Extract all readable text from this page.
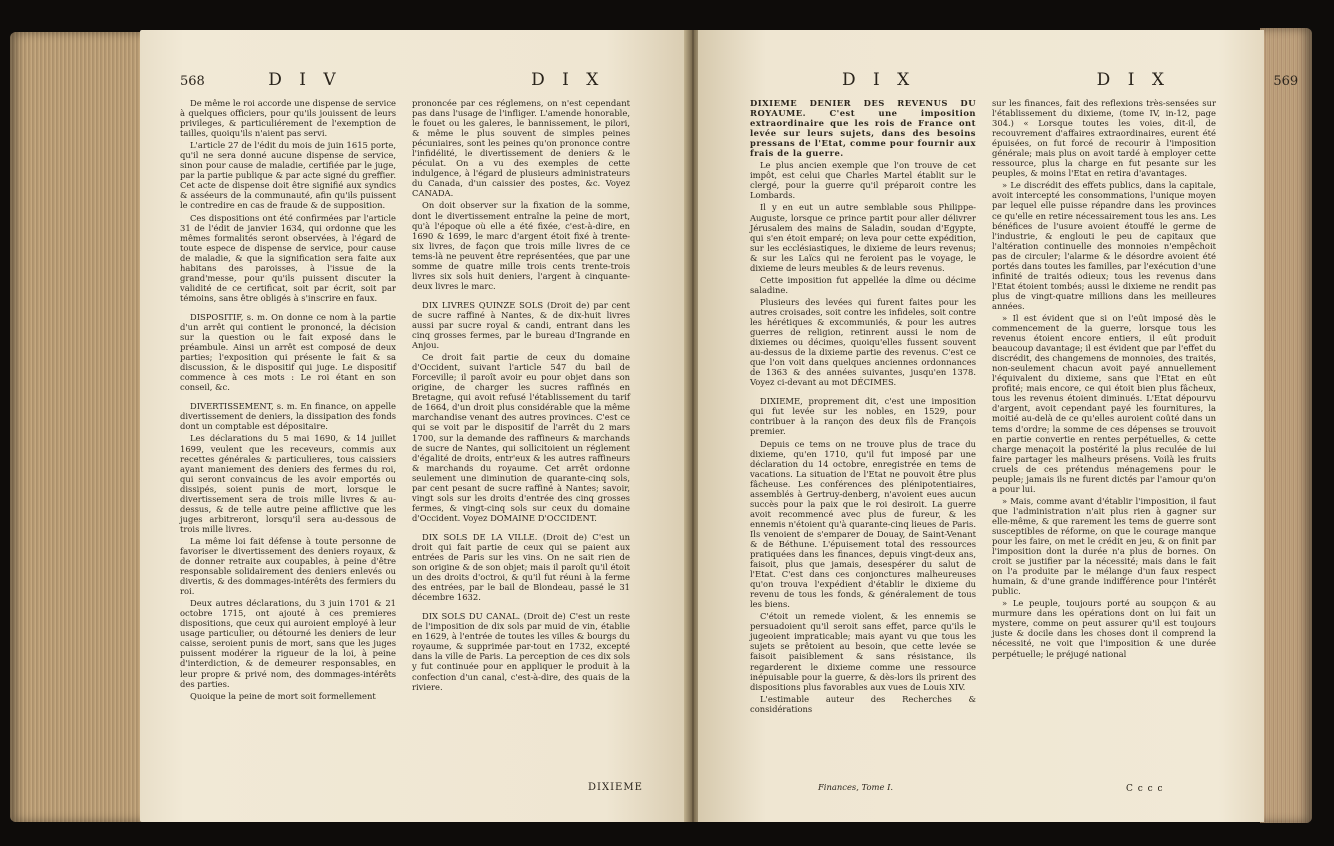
568	D I V	D I X

De même le roi accorde une dispense de service à quelques officiers, pour qu'ils jouissent de leurs privileges, & particuliérement de l'exemption de tailles, quoiqu'ils n'aient pas servi.

L'article 27 de l'édit du mois de juin 1615 porte, qu'il ne sera donné aucune dispense de service, sinon pour cause de maladie, certifiée par le juge, par la partie publique & par acte signé du greffier. Cet acte de dispense doit être signifié aux syndics & asséeurs de la communauté, afin qu'ils puissent le contredire en cas de fraude & de supposition.

Ces dispositions ont été confirmées par l'article 31 de l'édit de janvier 1634, qui ordonne que les mêmes formalités seront observées, à l'égard de toute espece de dispense de service, pour cause de maladie, & que la signification sera faite aux habitans des paroisses, à l'issue de la grand'messe, pour qu'ils puissent discuter la validité de ce certificat, soit par écrit, soit par témoins, sans être obligés à s'inscrire en faux.

DISPOSITIF, s. m. On donne ce nom à la partie d'un arrêt qui contient le prononcé, la décision sur la question ou le fait exposé dans le préambule. Ainsi un arrêt est composé de deux parties; l'exposition qui présente le fait & sa discussion, & le dispositif qui juge. Le dispositif commence à ces mots : Le roi étant en son conseil, &c.

DIVERTISSEMENT, s. m. En finance, on appelle divertissement de deniers, la dissipation des fonds dont un comptable est dépositaire.

Les déclarations du 5 mai 1690, & 14 juillet 1699, veulent que les receveurs, commis aux recettes générales & particulieres, tous caissiers ayant maniement des deniers des fermes du roi, qui seront convaincus de les avoir emportés ou dissipés, soient punis de mort, lorsque le divertissement sera de trois mille livres & au-dessus, & de telle autre peine afflictive que les juges arbitreront, lorsqu'il sera au-dessous de trois mille livres.

La même loi fait défense à toute personne de favoriser le divertissement des deniers royaux, & de donner retraite aux coupables, à peine d'être responsable solidairement des deniers enlevés ou divertis, & des dommages-intérêts des fermiers du roi.

Deux autres déclarations, du 3 juin 1701 & 21 octobre 1715, ont ajouté à ces premieres dispositions, que ceux qui auroient employé à leur usage particulier, ou détourné les deniers de leur caisse, seroient punis de mort, sans que les juges puissent modérer la rigueur de la loi, à peine d'interdiction, & de demeurer responsables, en leur propre & privé nom, des dommages-intérêts des parties.

Quoique la peine de mort soit formellement

prononcée par ces réglemens, on n'est cependant pas dans l'usage de l'infliger. L'amende honorable, le fouet ou les galeres, le bannissement, le pilori, & même le plus souvent de simples peines pécuniaires, sont les peines qu'on prononce contre l'infidélité, le divertissement de deniers & le péculat. On a vu des exemples de cette indulgence, à l'égard de plusieurs administrateurs du Canada, d'un caissier des postes, &c. Voyez CANADA.

On doit observer sur la fixation de la somme, dont le divertissement entraîne la peine de mort, qu'à l'époque où elle a été fixée, c'est-à-dire, en 1690 & 1699, le marc d'argent étoit fixé à trente-six livres, de façon que trois mille livres de ce tems-là ne peuvent être représentées, que par une somme de quatre mille trois cents trente-trois livres six sols huit deniers, l'argent à cinquante-deux livres le marc.

DIX LIVRES QUINZE SOLS (Droit de) par cent de sucre raffiné à Nantes, & de dix-huit livres aussi par sucre royal & candi, entrant dans les cinq grosses fermes, par le bureau d'Ingrande en Anjou.

Ce droit fait partie de ceux du domaine d'Occident, suivant l'article 547 du bail de Forceville; il paroît avoir eu pour objet dans son origine, de charger les sucres raffinés en Bretagne, qui avoit refusé l'établissement du tarif de 1664, d'un droit plus considérable que la même marchandise venant des autres provinces. C'est ce qui se voit par le dispositif de l'arrêt du 2 mars 1700, sur la demande des raffineurs & marchands de sucre de Nantes, qui sollicitoient un réglement d'égalité de droits, entr'eux & les autres raffineurs & marchands du royaume. Cet arrêt ordonne seulement une diminution de quarante-cinq sols, par cent pesant de sucre raffiné à Nantes; savoir, vingt sols sur les droits d'entrée des cinq grosses fermes, & vingt-cinq sols sur ceux du domaine d'Occident. Voyez DOMAINE D'OCCIDENT.

DIX SOLS DE LA VILLE. (Droit de) C'est un droit qui fait partie de ceux qui se paient aux entrées de Paris sur les vins. On ne sait rien de son origine & de son objet; mais il paroît qu'il étoit un des droits d'octroi, & qu'il fut réuni à la ferme des entrées, par le bail de Blondeau, passé le 31 décembre 1632.

DIX SOLS DU CANAL. (Droit de) C'est un reste de l'imposition de dix sols par muid de vin, établie en 1629, à l'entrée de toutes les villes & bourgs du royaume, & supprimée par-tout en 1732, excepté dans la ville de Paris. La perception de ces dix sols y fut continuée pour en appliquer le produit à la confection d'un canal, c'est-à-dire, des quais de la riviere.

DIXIEME
D I X	D I X	569

DIXIEME DENIER DES REVENUS DU ROYAUME. C'est une imposition extraordinaire que les rois de France ont levée sur leurs sujets, dans des besoins pressans de l'Etat, comme pour fournir aux frais de la guerre.

Le plus ancien exemple que l'on trouve de cet impôt, est celui que Charles Martel établit sur le clergé, pour la guerre qu'il préparoit contre les Lombards.

Il y en eut un autre semblable sous Philippe-Auguste, lorsque ce prince partit pour aller délivrer Jérusalem des mains de Saladin, soudan d'Egypte, qui s'en étoit emparé; on leva pour cette expédition, sur les ecclésiastiques, le dixieme de leurs revenus; & sur les Laïcs qui ne feroient pas le voyage, le dixieme de leurs meubles & de leurs revenus.

Cette imposition fut appellée la dîme ou décime saladine.

Plusieurs des levées qui furent faites pour les autres croisades, soit contre les infideles, soit contre les hérétiques & excommuniés, & pour les autres guerres de religion, retinrent aussi le nom de dixiemes ou décimes, quoiqu'elles fussent souvent au-dessus de la dixieme partie des revenus. C'est ce que l'on voit dans quelques anciennes ordonnances de 1363 & des années suivantes, jusqu'en 1378. Voyez ci-devant au mot DÉCIMES.

DIXIEME, proprement dit, c'est une imposition qui fut levée sur les nobles, en 1529, pour contribuer à la rançon des deux fils de François premier.

Depuis ce tems on ne trouve plus de trace du dixieme, qu'en 1710, qu'il fut imposé par une déclaration du 14 octobre, enregistrée en tems de vacations. La situation de l'Etat ne pouvoit être plus fâcheuse. Les conférences des plénipotentiaires, assemblés à Gertruy-denberg, n'avoient eues aucun succès pour la paix que le roi desiroit. La guerre avoit recommencé avec plus de fureur, & les ennemis n'étoient qu'à quarante-cinq lieues de Paris. Ils venoient de s'emparer de Douay, de Saint-Venant & de Béthune. L'épuisement total des ressources pratiquées dans les finances, depuis vingt-deux ans, faisoit, plus que jamais, desespérer du salut de l'Etat. C'est dans ces conjonctures malheureuses qu'on trouva l'expédient d'établir le dixieme du revenu de tous les fonds, & généralement de tous les biens.

C'étoit un remede violent, & les ennemis se persuadoient qu'il seroit sans effet, parce qu'ils le jugeoient impraticable; mais ayant vu que tous les sujets se prêtoient au besoin, que cette levée se faisoit paisiblement & sans résistance, ils regarderent le dixieme comme une ressource inépuisable pour la guerre, & dès-lors ils prirent des dispositions plus favorables aux vues de Louis XIV.

L'estimable auteur des Recherches & considérations

Finances, Tome I.

sur les finances, fait des reflexions très-sensées sur l'établissement du dixieme, (tome IV, in-12, page 304.) « Lorsque toutes les voies, dit-il, de recouvrement d'affaires extraordinaires, eurent été épuisées, on fut forcé de recourir à l'imposition générale; mais plus on avoit tardé à employer cette ressource, plus la charge en fut pesante sur les peuples, & moins l'Etat en retira d'avantages.

» Le discrédit des effets publics, dans la capitale, avoit intercepté les consommations, l'unique moyen par lequel elle puisse répandre dans les provinces ce qu'elle en retire nécessairement tous les ans. Les bénéfices de l'usure avoient étouffé le germe de l'industrie, & englouti le peu de capitaux que l'altération continuelle des monnoies n'empêchoit pas de circuler; l'alarme & le désordre avoient été portés dans toutes les familles, par l'exécution d'une infinité de traités odieux; tous les revenus dans l'Etat étoient tombés; aussi le dixieme ne rendit pas plus de vingt-quatre millions dans les meilleures années.

» Il est évident que si on l'eût imposé dès le commencement de la guerre, lorsque tous les revenus étoient encore entiers, il eût produit beaucoup davantage; il est évident que par l'effet du discrédit, des changemens de monnoies, des traités, non-seulement chacun avoit payé annuellement l'équivalent du dixieme, sans que l'Etat en eût profité; mais encore, ce qui étoit bien plus fâcheux, tous les revenus étoient diminués. L'Etat dépourvu d'argent, avoit cependant payé les fournitures, la moitié au-delà de ce qu'elles auroient coûté dans un tems d'ordre; la somme de ces dépenses se trouvoit en partie convertie en rentes perpétuelles, & cette charge menaçoit la postérité la plus reculée de lui faire partager les malheurs présens. Voilà les fruits cruels de ces prétendus ménagemens pour le peuple; jamais ils ne furent dictés par l'amour qu'on a pour lui.

» Mais, comme avant d'établir l'imposition, il faut que l'administration n'ait plus rien à gagner sur elle-même, & que rarement les tems de guerre sont susceptibles de réforme, on que le courage manque pour les faire, on met le crédit en jeu, & on finit par l'imposition dont la durée n'a plus de bornes. On croit se justifier par la nécessité; mais dans le fait on l'a produite par le mélange d'un faux respect humain, & d'une grande indifférence pour l'intérêt public.

» Le peuple, toujours porté au soupçon & au murmure dans les opérations dont on lui fait un mystere, comme on peut assurer qu'il est toujours juste & docile dans les choses dont il comprend la nécessité, ne voit que l'imposition & une durée perpétuelle; le préjugé national

C c c c
